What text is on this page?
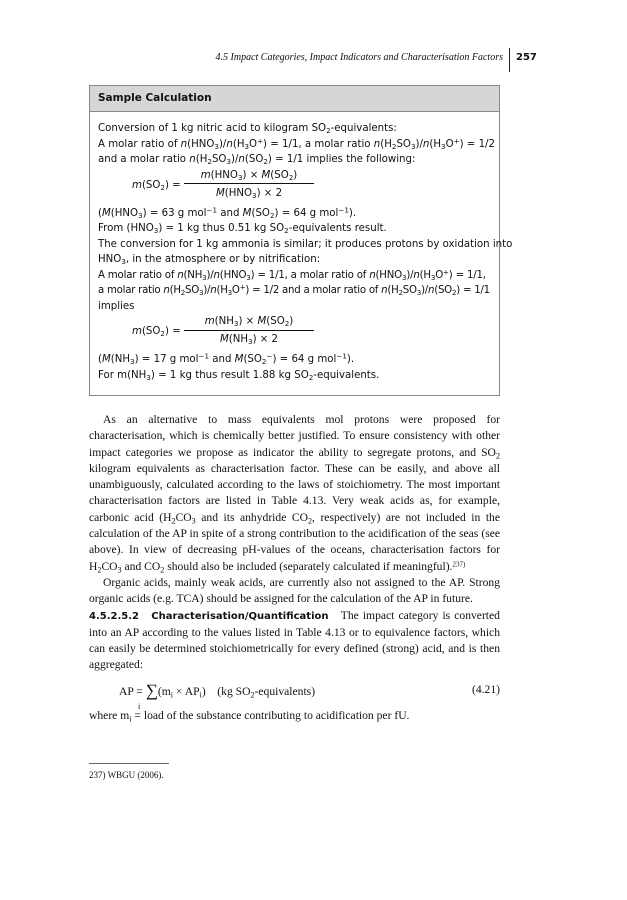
4.5 Impact Categories, Impact Indicators and Characterisation Factors 257
Sample Calculation
Conversion of 1 kg nitric acid to kilogram $SO_2$-equivalents:
A molar ratio of $n(HNO_3)/n(H_3O^+) = 1/1$, a molar ratio $n(H_2SO_3)/n(H_3O^+) = 1/2$
and a molar ratio $n(H_2SO_3)/n(SO_2) = 1/1$ implies the following:
$m(SO_2)$ =
$m(HNO_3) \times M(SO_2)$
$M(HNO_3) \times 2$
($M(HNO_3) = 63$ g mol$^{-1}$ and $M(SO_2) = 64$ g mol$^{-1}$).
From $(HNO_3) = 1$ kg thus 0.51 kg $SO_2$-equivalents result.
The conversion for 1 kg ammonia is similar; it produces protons by oxidation into
$HNO_3$, in the atmosphere or by nitrification:
A molar ratio of $n(NH_3)/n(HNO_3) = 1/1$, a molar ratio of $n(HNO_3)/n(H_3O^+) = 1/1$,
a molar ratio $n(H_2SO_3)/n(H_3O^+) = 1/2$ and a molar ratio of $n(H_2SO_3)/n(SO_2) = 1/1$
implies
$m(SO_2)$ =
$m(NH_3) \times M(SO_2)$
$M(NH_3) \times 2$
($M(NH_3) = 17$ g mol$^{-1}$ and $M(SO_2^-) = 64$ g mol$^{-1}$).
For $m(NH_3) = 1$ kg thus result 1.88 kg $SO_2$-equivalents.

As an alternative to mass equivalents mol protons were proposed for characterisation, which is chemically better justified. To ensure consistency with other impact categories we propose as indicator the ability to segregate protons, and $SO_2$ kilogram equivalents as characterisation factor. These can be easily, and above all unambiguously, calculated according to the laws of stoichiometry. The most important characterisation factors are listed in Table 4.13. Very weak acids as, for example, carbonic acid ($H_2CO_3$ and its anhydride $CO_2$, respectively) are not included in the calculation of the AP in spite of a strong contribution to the acidification of the seas (see above). In view of decreasing pH-values of the oceans, characterisation factors for $H_2CO_3$ and $CO_2$ should also be included (separately calculated if meaningful).$^{237)}$

Organic acids, mainly weak acids, are currently also not assigned to the AP. Strong organic acids (e.g. TCA) should be assigned for the calculation of the AP in future.

4.5.2.5.2 Characterisation/Quantification The impact category is converted into an AP according to the values listed in Table 4.13 or to equivalence factors, which can easily be determined stoichiometrically for every defined (strong) acid, and is then aggregated:

AP = $\sum(m_i \times AP_i)$    (kg $SO_2-equivalents$)
i
(4.21)

where $m_i$ = load of the substance contributing to acidification per fU.

237) WBGU (2006).
